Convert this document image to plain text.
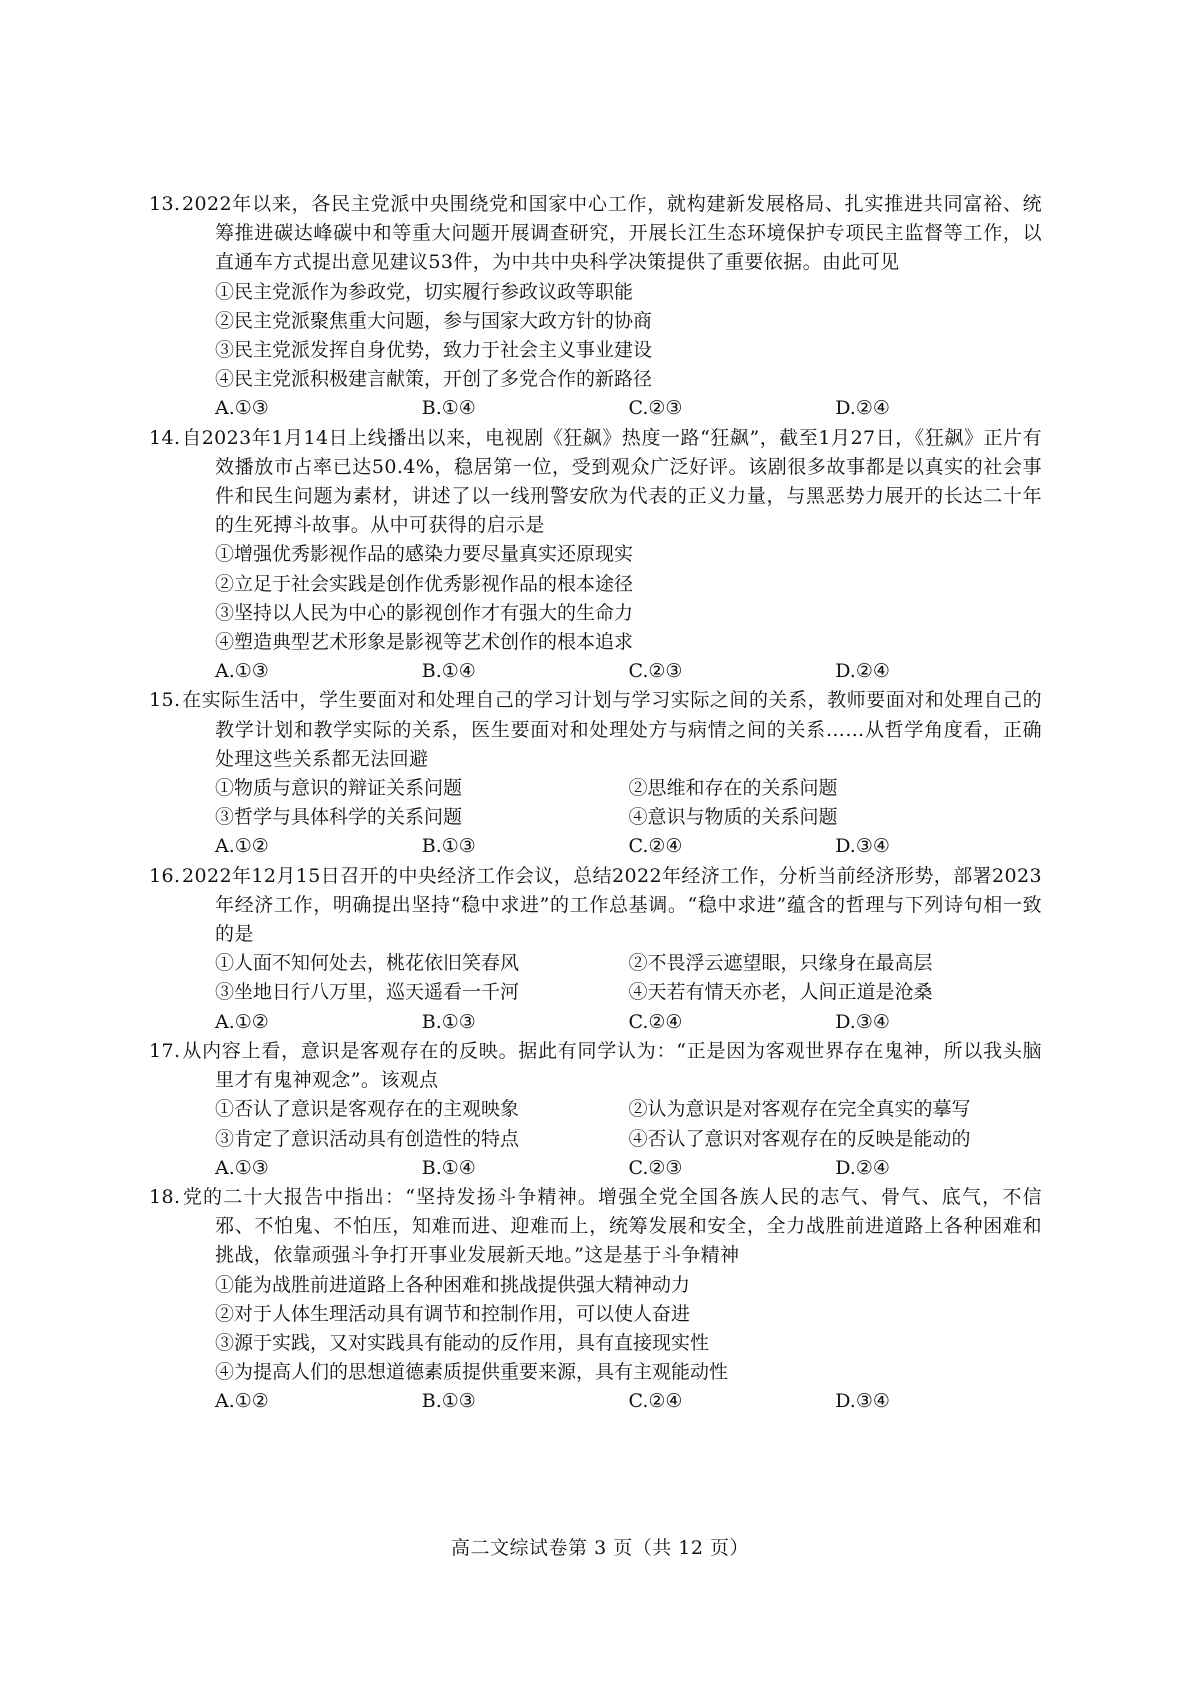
13.2022年以来，各民主党派中央围绕党和国家中心工作，就构建新发展格局、扎实推进共同富裕、统筹推进碳达峰碳中和等重大问题开展调查研究，开展长江生态环境保护专项民主监督等工作，以直通车方式提出意见建议53件，为中共中央科学决策提供了重要依据。由此可见
①民主党派作为参政党，切实履行参政议政等职能
②民主党派聚焦重大问题，参与国家大政方针的协商
③民主党派发挥自身优势，致力于社会主义事业建设
④民主党派积极建言献策，开创了多党合作的新路径
A.①③	B.①④	C.②③	D.②④
14.自2023年1月14日上线播出以来，电视剧《狂飙》热度一路“狂飙”，截至1月27日，《狂飙》正片有效播放市占率已达50.4%，稳居第一位，受到观众广泛好评。该剧很多故事都是以真实的社会事件和民生问题为素材，讲述了以一线刑警安欣为代表的正义力量，与黑恶势力展开的长达二十年的生死搏斗故事。从中可获得的启示是
①增强优秀影视作品的感染力要尽量真实还原现实
②立足于社会实践是创作优秀影视作品的根本途径
③坚持以人民为中心的影视创作才有强大的生命力
④塑造典型艺术形象是影视等艺术创作的根本追求
A.①③	B.①④	C.②③	D.②④
15.在实际生活中，学生要面对和处理自己的学习计划与学习实际之间的关系，教师要面对和处理自己的教学计划和教学实际的关系，医生要面对和处理处方与病情之间的关系……从哲学角度看，正确处理这些关系都无法回避
①物质与意识的辩证关系问题	②思维和存在的关系问题
③哲学与具体科学的关系问题	④意识与物质的关系问题
A.①②	B.①③	C.②④	D.③④
16.2022年12月15日召开的中央经济工作会议，总结2022年经济工作，分析当前经济形势，部署2023年经济工作，明确提出坚持“稳中求进”的工作总基调。“稳中求进”蕴含的哲理与下列诗句相一致的是
①人面不知何处去，桃花依旧笑春风	②不畏浮云遮望眼，只缘身在最高层
③坐地日行八万里，巡天遥看一千河	④天若有情天亦老，人间正道是沧桑
A.①②	B.①③	C.②④	D.③④
17.从内容上看，意识是客观存在的反映。据此有同学认为：“正是因为客观世界存在鬼神，所以我头脑里才有鬼神观念”。该观点
①否认了意识是客观存在的主观映象	②认为意识是对客观存在完全真实的摹写
③肯定了意识活动具有创造性的特点	④否认了意识对客观存在的反映是能动的
A.①③	B.①④	C.②③	D.②④
18.党的二十大报告中指出：“坚持发扬斗争精神。增强全党全国各族人民的志气、骨气、底气，不信邪、不怕鬼、不怕压，知难而进、迎难而上，统筹发展和安全，全力战胜前进道路上各种困难和挑战，依靠顽强斗争打开事业发展新天地。”这是基于斗争精神
①能为战胜前进道路上各种困难和挑战提供强大精神动力
②对于人体生理活动具有调节和控制作用，可以使人奋进
③源于实践，又对实践具有能动的反作用，具有直接现实性
④为提高人们的思想道德素质提供重要来源，具有主观能动性
A.①②	B.①③	C.②④	D.③④
高二文综试卷第 3 页（共 12 页）
